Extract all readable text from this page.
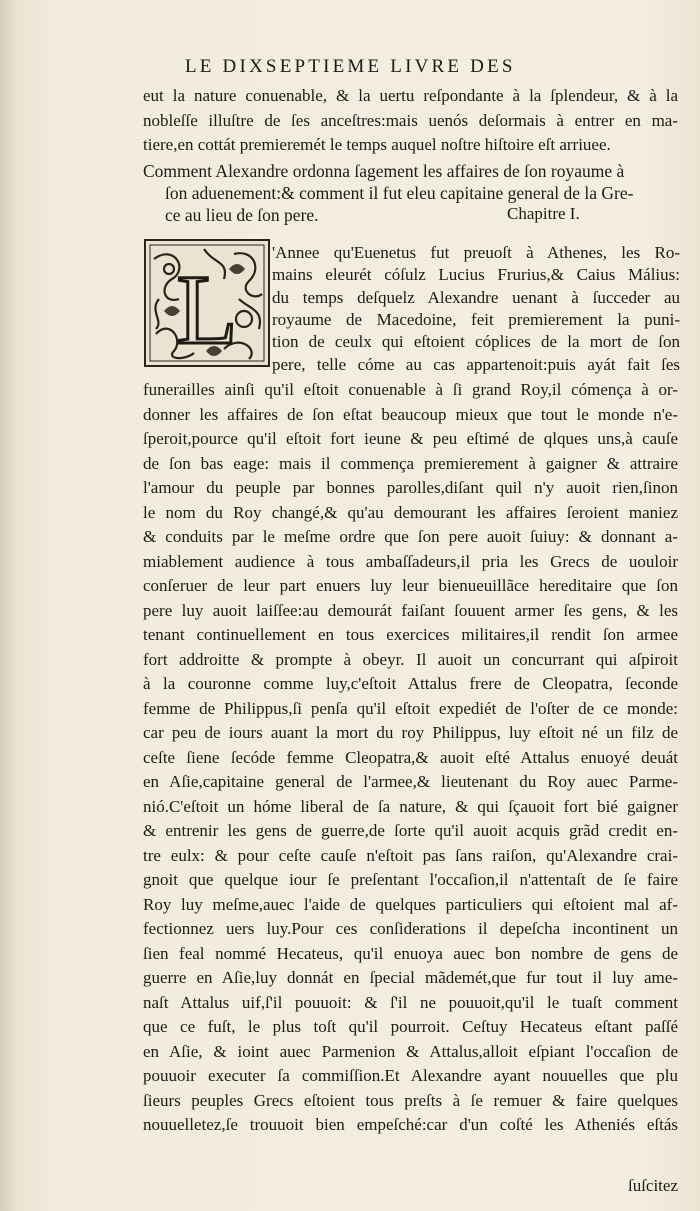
LE DIXSEPTIEME LIVRE DES
eut la nature conuenable, & la uertu reſpondante à la ſplendeur, & à la
nobleſſe illuſtre de ſes anceſtres:mais uenós deſormais à entrer en ma-
tiere,en cottát premieremét le temps auquel noſtre hiſtoire eſt arriuee.
Comment Alexandre ordonna ſagement les affaires de ſon royaume à
ſon aduenement:& comment il fut eleu capitaine general de la Gre-
ce au lieu de ſon pere.	Chapitre I.
L
'Annee qu'Euenetus fut preuoſt à Athenes, les Ro-
mains eleurét cóſulz Lucius Frurius,& Caius Málius:
du temps deſquelz Alexandre uenant à ſucceder au
royaume de Macedoine, feit premierement la puni-
tion de ceulx qui eſtoient cóplices de la mort de ſon
pere, telle cóme au cas appartenoit:puis ayát fait ſes
funerailles ainſi qu'il eſtoit conuenable à ſi grand Roy,il cómença à or-
donner les affaires de ſon eſtat beaucoup mieux que tout le monde n'e-
ſperoit,pource qu'il eſtoit fort ieune & peu eſtimé de qlques uns,à cauſe
de ſon bas eage: mais il commença premierement à gaigner & attraire
l'amour du peuple par bonnes parolles,diſant quil n'y auoit rien,ſinon
le nom du Roy changé,& qu'au demourant les affaires ſeroient maniez
& conduits par le meſme ordre que ſon pere auoit ſuiuy: & donnant a-
miablement audience à tous ambaſſadeurs,il pria les Grecs de uouloir
conſeruer de leur part enuers luy leur bienueuillãce hereditaire que ſon
pere luy auoit laiſſee:au demourát faiſant ſouuent armer ſes gens, & les
tenant continuellement en tous exercices militaires,il rendit ſon armee
fort addroitte & prompte à obeyr. Il auoit un concurrant qui aſpiroit
à la couronne comme luy,c'eſtoit Attalus frere de Cleopatra, ſeconde
femme de Philippus,ſi penſa qu'il eſtoit expediét de l'oſter de ce monde:
car peu de iours auant la mort du roy Philippus, luy eſtoit né un filz de
ceſte ſiene ſecóde femme Cleopatra,& auoit eſté Attalus enuoyé deuát
en Aſie,capitaine general de l'armee,& lieutenant du Roy auec Parme-
nió.C'eſtoit un hóme liberal de ſa nature, & qui ſçauoit fort bié gaigner
& entrenir les gens de guerre,de ſorte qu'il auoit acquis grãd credit en-
tre eulx: & pour ceſte cauſe n'eſtoit pas ſans raiſon, qu'Alexandre crai-
gnoit que quelque iour ſe preſentant l'occaſion,il n'attentaſt de ſe faire
Roy luy meſme,auec l'aide de quelques particuliers qui eſtoient mal af-
fectionnez uers luy.Pour ces conſiderations il depeſcha incontinent un
ſien feal nommé Hecateus, qu'il enuoya auec bon nombre de gens de
guerre en Aſie,luy donnát en ſpecial mãdemét,que fur tout il luy ame-
naſt Attalus uif,ſ'il pouuoit: & ſ'il ne pouuoit,qu'il le tuaſt comment
que ce fuſt, le plus toſt qu'il pourroit. Ceſtuy Hecateus eſtant paſſé
en Aſie, & ioint auec Parmenion & Attalus,alloit eſpiant l'occaſion de
pouuoir executer ſa commiſſion.Et Alexandre ayant nouuelles que plu
ſieurs peuples Grecs eſtoient tous preſts à ſe remuer & faire quelques
nouuelletez,ſe trouuoit bien empeſché:car d'un coſté les Atheniés eſtás
ſuſcitez
